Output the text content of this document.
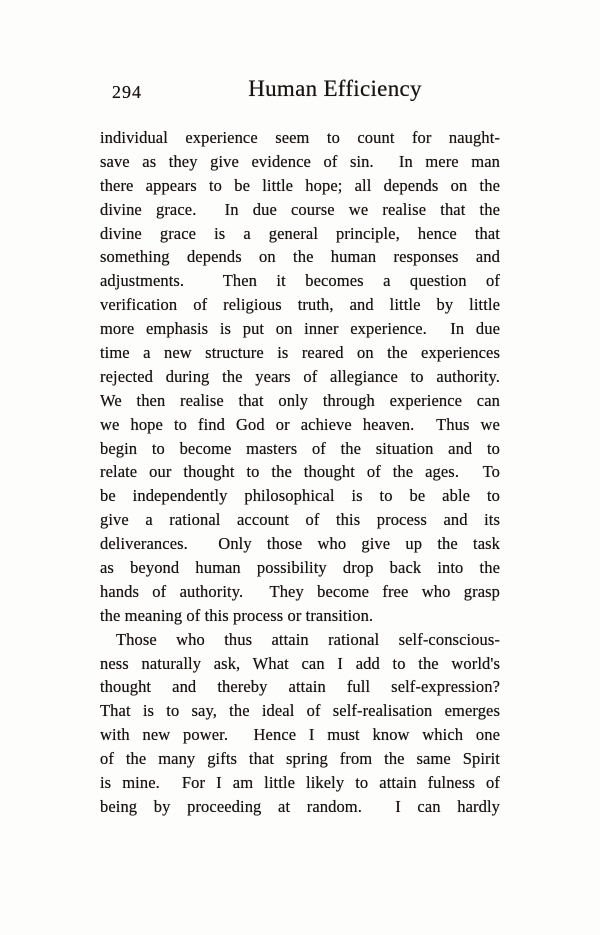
294	Human Efficiency
individual experience seem to count for naught-
save as they give evidence of sin.  In mere man
there appears to be little hope; all depends on the
divine grace.  In due course we realise that the
divine grace is a general principle, hence that
something depends on the human responses and
adjustments.  Then it becomes a question of
verification of religious truth, and little by little
more emphasis is put on inner experience.  In due
time a new structure is reared on the experiences
rejected during the years of allegiance to authority.
We then realise that only through experience can
we hope to find God or achieve heaven.  Thus we
begin to become masters of the situation and to
relate our thought to the thought of the ages.  To
be independently philosophical is to be able to
give a rational account of this process and its
deliverances.  Only those who give up the task
as beyond human possibility drop back into the
hands of authority.  They become free who grasp
the meaning of this process or transition.
Those who thus attain rational self-conscious-
ness naturally ask, What can I add to the world's
thought and thereby attain full self-expression?
That is to say, the ideal of self-realisation emerges
with new power.  Hence I must know which one
of the many gifts that spring from the same Spirit
is mine.  For I am little likely to attain fulness of
being by proceeding at random.  I can hardly
